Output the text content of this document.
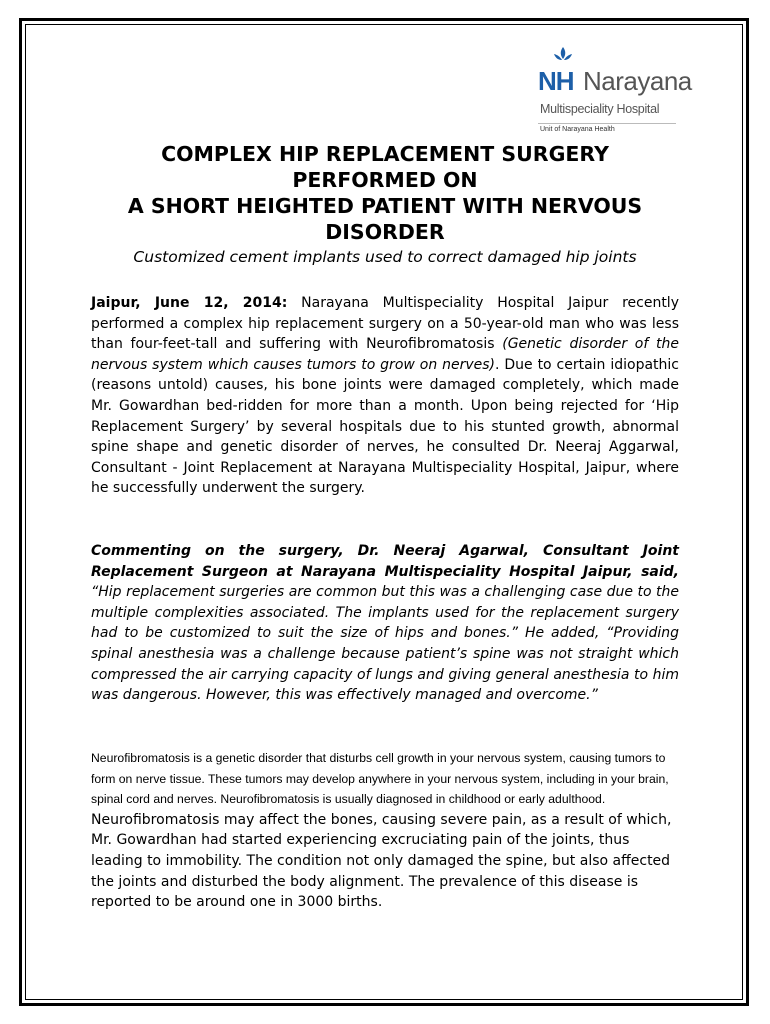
NH Narayana
Multispeciality Hospital
Unit of Narayana Health
COMPLEX HIP REPLACEMENT SURGERY
PERFORMED ON
A SHORT HEIGHTED PATIENT WITH NERVOUS
DISORDER

Customized cement implants used to correct damaged hip joints

Jaipur, June 12, 2014: Narayana Multispeciality Hospital Jaipur recently performed a complex hip replacement surgery on a 50-year-old man who was less than four-feet-tall and suffering with Neurofibromatosis (Genetic disorder of the nervous system which causes tumors to grow on nerves). Due to certain idiopathic (reasons untold) causes, his bone joints were damaged completely, which made Mr. Gowardhan bed-ridden for more than a month. Upon being rejected for ‘Hip Replacement Surgery’ by several hospitals due to his stunted growth, abnormal spine shape and genetic disorder of nerves, he consulted Dr. Neeraj Aggarwal, Consultant - Joint Replacement at Narayana Multispeciality Hospital, Jaipur, where he successfully underwent the surgery.

Commenting on the surgery, Dr. Neeraj Agarwal, Consultant Joint Replacement Surgeon at Narayana Multispeciality Hospital Jaipur, said, “Hip replacement surgeries are common but this was a challenging case due to the multiple complexities associated. The implants used for the replacement surgery had to be customized to suit the size of hips and bones.” He added, “Providing spinal anesthesia was a challenge because patient’s spine was not straight which compressed the air carrying capacity of lungs and giving general anesthesia to him was dangerous. However, this was effectively managed and overcome.”

Neurofibromatosis is a genetic disorder that disturbs cell growth in your nervous system, causing tumors to form on nerve tissue. These tumors may develop anywhere in your nervous system, including in your brain, spinal cord and nerves. Neurofibromatosis is usually diagnosed in childhood or early adulthood. Neurofibromatosis may affect the bones, causing severe pain, as a result of which, Mr. Gowardhan had started experiencing excruciating pain of the joints, thus leading to immobility. The condition not only damaged the spine, but also affected the joints and disturbed the body alignment. The prevalence of this disease is reported to be around one in 3000 births.
